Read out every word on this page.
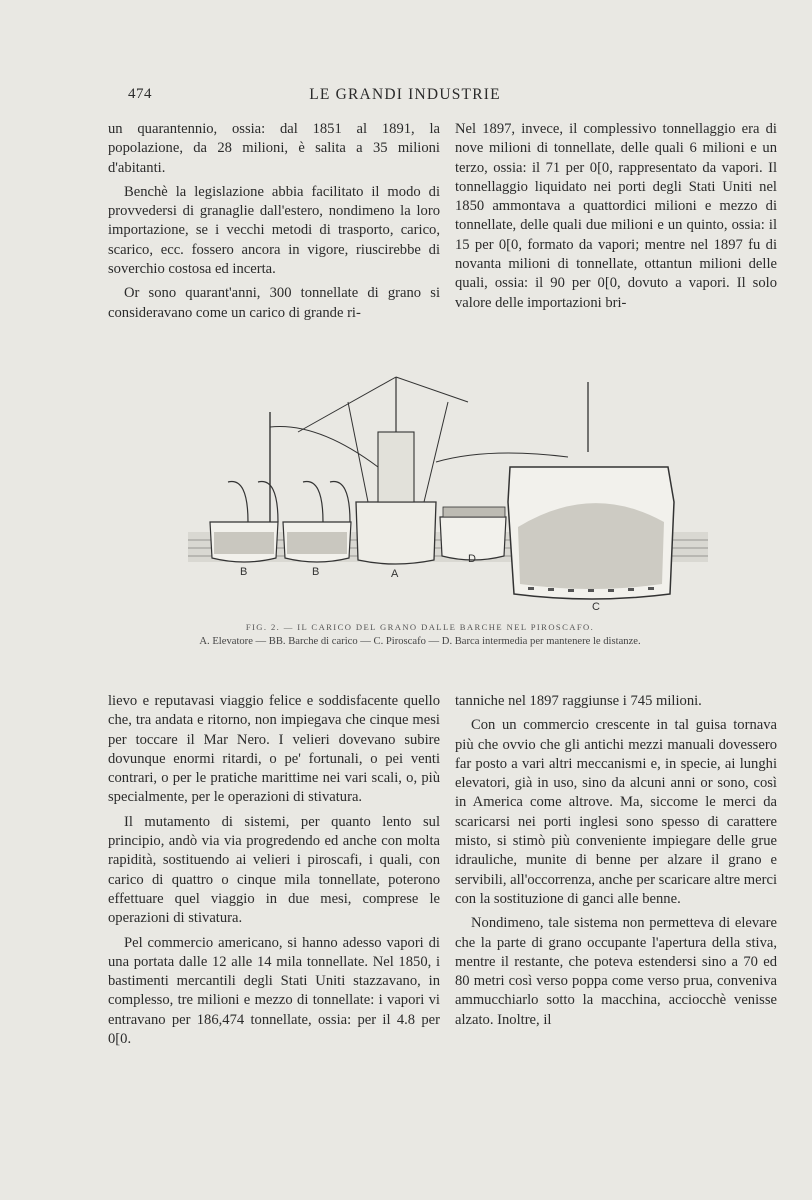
474	LE GRANDI INDUSTRIE

un quarantennio, ossia: dal 1851 al 1891, la popolazione, da 28 milioni, è salita a 35 milioni d'abitanti.

Benchè la legislazione abbia facilitato il modo di provvedersi di granaglie dall'estero, nondimeno la loro importazione, se i vecchi metodi di trasporto, carico, scarico, ecc. fossero ancora in vigore, riuscirebbe di soverchio costosa ed incerta.

Or sono quarant'anni, 300 tonnellate di grano si consideravano come un carico di grande ri-

Nel 1897, invece, il complessivo tonnellaggio era di nove milioni di tonnellate, delle quali 6 milioni e un terzo, ossia: il 71 per 0[0, rappresentato da vapori. Il tonnellaggio liquidato nei porti degli Stati Uniti nel 1850 ammontava a quattordici milioni e mezzo di tonnellate, delle quali due milioni e un quinto, ossia: il 15 per 0[0, formato da vapori; mentre nel 1897 fu di novanta milioni di tonnellate, ottantun milioni delle quali, ossia: il 90 per 0[0, dovuto a vapori. Il solo valore delle importazioni bri-

B	B	A
D
C
FIG. 2. — IL CARICO DEL GRANO DALLE BARCHE NEL PIROSCAFO.
A. Elevatore — BB. Barche di carico — C. Piroscafo — D. Barca intermedia per mantenere le distanze.

lievo e reputavasi viaggio felice e soddisfacente quello che, tra andata e ritorno, non impiegava che cinque mesi per toccare il Mar Nero. I velieri dovevano subire dovunque enormi ritardi, o pe' fortunali, o pei venti contrari, o per le pratiche marittime nei vari scali, o, più specialmente, per le operazioni di stivatura.

Il mutamento di sistemi, per quanto lento sul principio, andò via via progredendo ed anche con molta rapidità, sostituendo ai velieri i piroscafi, i quali, con carico di quattro o cinque mila tonnellate, poterono effettuare quel viaggio in due mesi, comprese le operazioni di stivatura.

Pel commercio americano, si hanno adesso vapori di una portata dalle 12 alle 14 mila tonnellate. Nel 1850, i bastimenti mercantili degli Stati Uniti stazzavano, in complesso, tre milioni e mezzo di tonnellate: i vapori vi entravano per 186,474 tonnellate, ossia: per il 4.8 per 0[0.

tanniche nel 1897 raggiunse i 745 milioni.

Con un commercio crescente in tal guisa tornava più che ovvio che gli antichi mezzi manuali dovessero far posto a vari altri meccanismi e, in specie, ai lunghi elevatori, già in uso, sino da alcuni anni or sono, così in America come altrove. Ma, siccome le merci da scaricarsi nei porti inglesi sono spesso di carattere misto, si stimò più conveniente impiegare delle grue idrauliche, munite di benne per alzare il grano e servibili, all'occorrenza, anche per scaricare altre merci con la sostituzione di ganci alle benne.

Nondimeno, tale sistema non permetteva di elevare che la parte di grano occupante l'apertura della stiva, mentre il restante, che poteva estendersi sino a 70 ed 80 metri così verso poppa come verso prua, conveniva ammucchiarlo sotto la macchina, acciocchè venisse alzato. Inoltre, il
